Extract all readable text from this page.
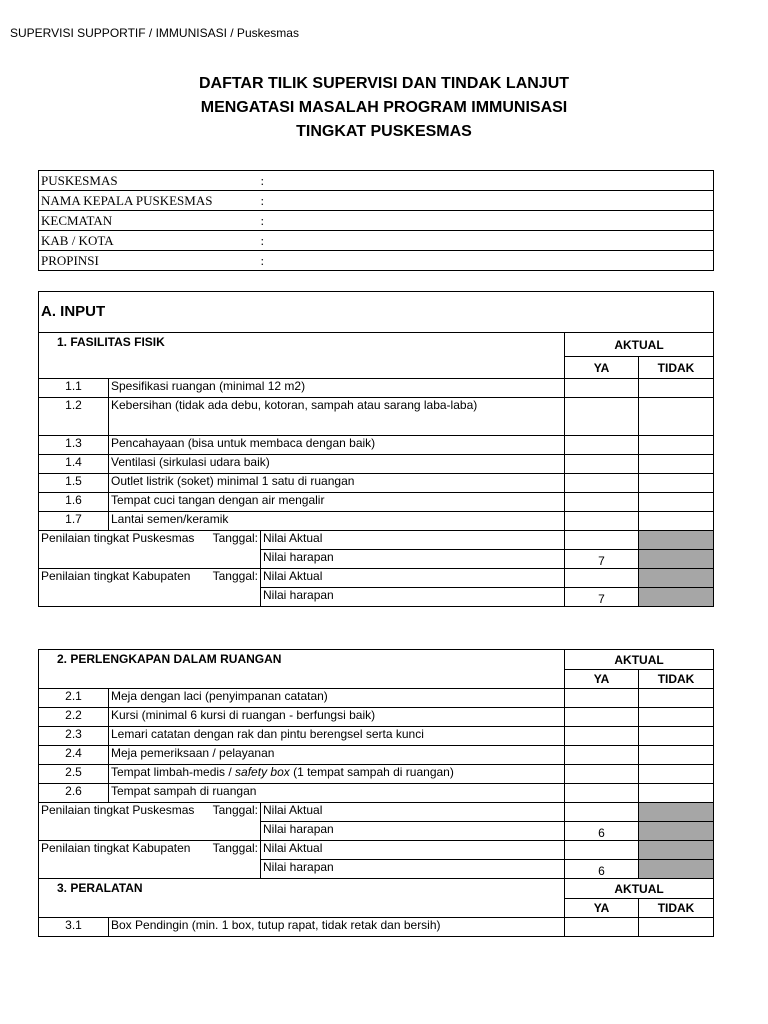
SUPERVISI SUPPORTIF / IMMUNISASI / Puskesmas
DAFTAR TILIK SUPERVISI DAN TINDAK LANJUT
MENGATASI MASALAH PROGRAM IMMUNISASI
TINGKAT PUSKESMAS
PUSKESMAS	:
NAMA KEPALA PUSKESMAS	:
KECMATAN	:
KAB / KOTA	:
PROPINSI	:
A. INPUT				
1. FASILITAS FISIK			AKTUAL	
			YA	TIDAK
1.1	Spesifikasi ruangan (minimal 12 m2)			
1.2	Kebersihan (tidak ada debu, kotoran, sampah atau sarang laba-laba)			
1.3	Pencahayaan (bisa untuk membaca dengan baik)			
1.4	Ventilasi (sirkulasi udara baik)			
1.5	Outlet listrik (soket) minimal 1 satu di ruangan			
1.6	Tempat cuci tangan dengan air mengalir			
1.7	Lantai semen/keramik			
Penilaian tingkat Puskesmas Tanggal:		Nilai Aktual		
		Nilai harapan	7	
Penilaian tingkat Kabupaten Tanggal:		Nilai Aktual		
		Nilai harapan	7	
2. PERLENGKAPAN DALAM RUANGAN			AKTUAL	
			YA	TIDAK
2.1	Meja dengan laci (penyimpanan catatan)			
2.2	Kursi (minimal 6 kursi di ruangan - berfungsi baik)			
2.3	Lemari catatan dengan rak dan pintu berengsel serta kunci			
2.4	Meja pemeriksaan / pelayanan			
2.5	Tempat limbah-medis / safety box (1 tempat sampah di ruangan)			
2.6	Tempat sampah di ruangan			
Penilaian tingkat Puskesmas Tanggal:		Nilai Aktual		
		Nilai harapan	6	
Penilaian tingkat Kabupaten Tanggal:		Nilai Aktual		
		Nilai harapan	6	
3. PERALATAN			AKTUAL	
			YA	TIDAK
3.1	Box Pendingin (min. 1 box, tutup rapat, tidak retak dan bersih)			
